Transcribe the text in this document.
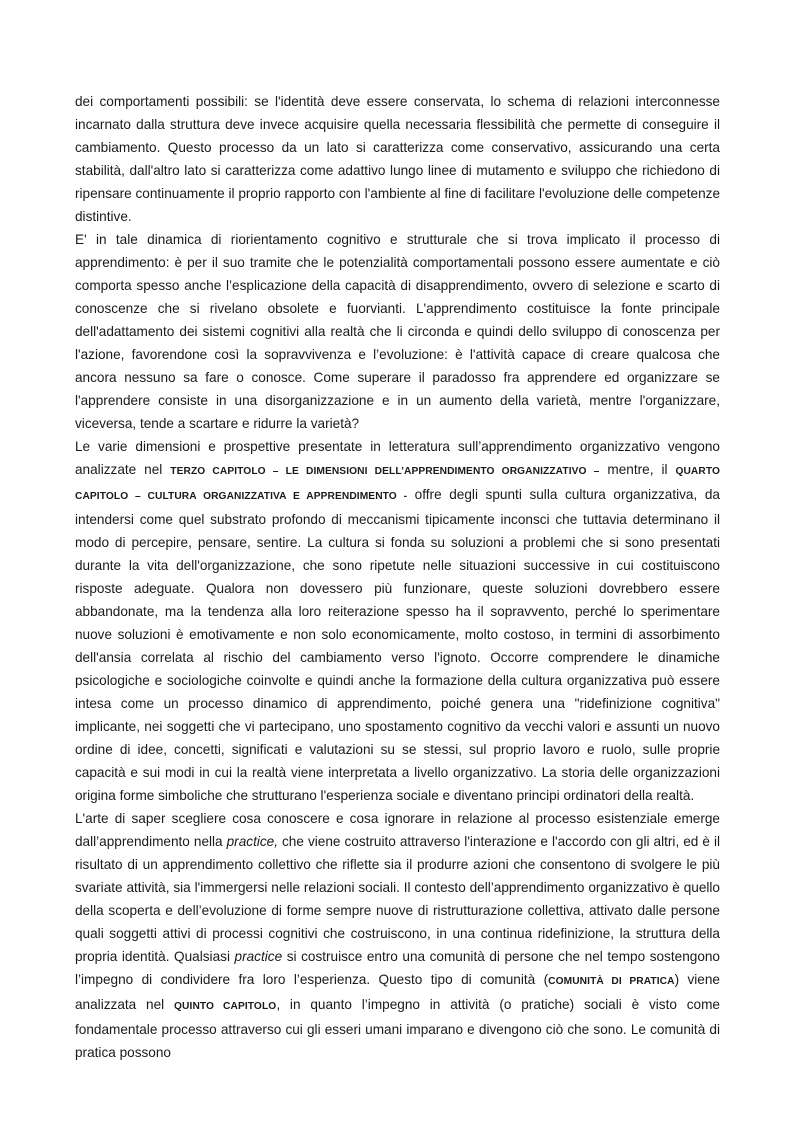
dei comportamenti possibili: se l'identità deve essere conservata, lo schema di relazioni interconnesse incarnato dalla struttura deve invece acquisire quella necessaria flessibilità che permette di conseguire il cambiamento. Questo processo da un lato si caratterizza come conservativo, assicurando una certa stabilità, dall'altro lato si caratterizza come adattivo lungo linee di mutamento e sviluppo che richiedono di ripensare continuamente il proprio rapporto con l'ambiente al fine di facilitare l'evoluzione delle competenze distintive.

E' in tale dinamica di riorientamento cognitivo e strutturale che si trova implicato il processo di apprendimento: è per il suo tramite che le potenzialità comportamentali possono essere aumentate e ciò comporta spesso anche l’esplicazione della capacità di disapprendimento, ovvero di selezione e scarto di conoscenze che si rivelano obsolete e fuorvianti. L'apprendimento costituisce la fonte principale dell'adattamento dei sistemi cognitivi alla realtà che li circonda e quindi dello sviluppo di conoscenza per l'azione, favorendone così la sopravvivenza e l’evoluzione: è l'attività capace di creare qualcosa che ancora nessuno sa fare o conosce. Come superare il paradosso fra apprendere ed organizzare se l'apprendere consiste in una disorganizzazione e in un aumento della varietà, mentre l'organizzare, viceversa, tende a scartare e ridurre la varietà?

Le varie dimensioni e prospettive presentate in letteratura sull’apprendimento organizzativo vengono analizzate nel TERZO CAPITOLO – LE DIMENSIONI DELL’APPRENDIMENTO ORGANIZZATIVO – mentre, il QUARTO CAPITOLO – CULTURA ORGANIZZATIVA E APPRENDIMENTO - offre degli spunti sulla cultura organizzativa, da intendersi come quel substrato profondo di meccanismi tipicamente inconsci che tuttavia determinano il modo di percepire, pensare, sentire. La cultura si fonda su soluzioni a problemi che si sono presentati durante la vita dell'organizzazione, che sono ripetute nelle situazioni successive in cui costituiscono risposte adeguate. Qualora non dovessero più funzionare, queste soluzioni dovrebbero essere abbandonate, ma la tendenza alla loro reiterazione spesso ha il sopravvento, perché lo sperimentare nuove soluzioni è emotivamente e non solo economicamente, molto costoso, in termini di assorbimento dell'ansia correlata al rischio del cambiamento verso l'ignoto. Occorre comprendere le dinamiche psicologiche e sociologiche coinvolte e quindi anche la formazione della cultura organizzativa può essere intesa come un processo dinamico di apprendimento, poiché genera una "ridefinizione cognitiva" implicante, nei soggetti che vi partecipano, uno spostamento cognitivo da vecchi valori e assunti un nuovo ordine di idee, concetti, significati e valutazioni su se stessi, sul proprio lavoro e ruolo, sulle proprie capacità e sui modi in cui la realtà viene interpretata a livello organizzativo. La storia delle organizzazioni origina forme simboliche che strutturano l'esperienza sociale e diventano principi ordinatori della realtà.

L'arte di saper scegliere cosa conoscere e cosa ignorare in relazione al processo esistenziale emerge dall’apprendimento nella practice, che viene costruito attraverso l'interazione e l'accordo con gli altri, ed è il risultato di un apprendimento collettivo che riflette sia il produrre azioni che consentono di svolgere le più svariate attività, sia l'immergersi nelle relazioni sociali. Il contesto dell’apprendimento organizzativo è quello della scoperta e dell’evoluzione di forme sempre nuove di ristrutturazione collettiva, attivato dalle persone quali soggetti attivi di processi cognitivi che costruiscono, in una continua ridefinizione, la struttura della propria identità. Qualsiasi practice si costruisce entro una comunità di persone che nel tempo sostengono l’impegno di condividere fra loro l’esperienza. Questo tipo di comunità (COMUNITÀ DI PRATICA) viene analizzata nel QUINTO CAPITOLO, in quanto l’impegno in attività (o pratiche) sociali è visto come fondamentale processo attraverso cui gli esseri umani imparano e divengono ciò che sono. Le comunità di pratica possono
